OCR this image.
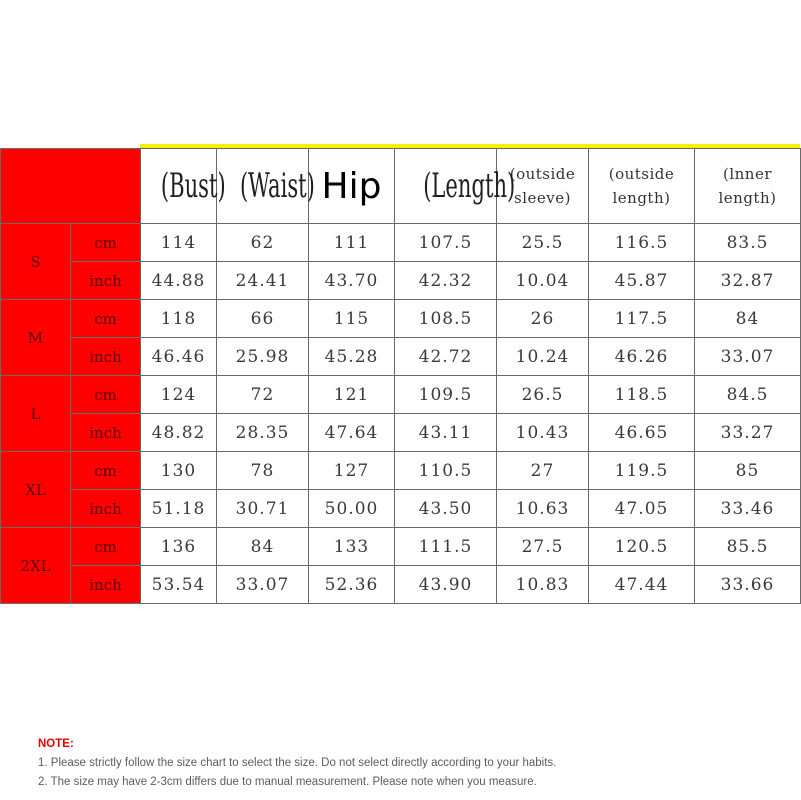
		(Bust)	(Waist)	Hip	(Length)	(outside sleeve)	(outside length)	(lnner length)

S	cm	114	62	111	107.5	25.5	116.5	83.5
	inch	44.88	24.41	43.70	42.32	10.04	45.87	32.87
M	cm	118	66	115	108.5	26	117.5	84
	inch	46.46	25.98	45.28	42.72	10.24	46.26	33.07
L	cm	124	72	121	109.5	26.5	118.5	84.5
	inch	48.82	28.35	47.64	43.11	10.43	46.65	33.27
XL	cm	130	78	127	110.5	27	119.5	85
	inch	51.18	30.71	50.00	43.50	10.63	47.05	33.46
2XL	cm	136	84	133	111.5	27.5	120.5	85.5
	inch	53.54	33.07	52.36	43.90	10.83	47.44	33.66
NOTE:
1. Please strictly follow the size chart to select the size. Do not select directly according to your habits.
2. The size may have 2-3cm differs due to manual measurement. Please note when you measure.
